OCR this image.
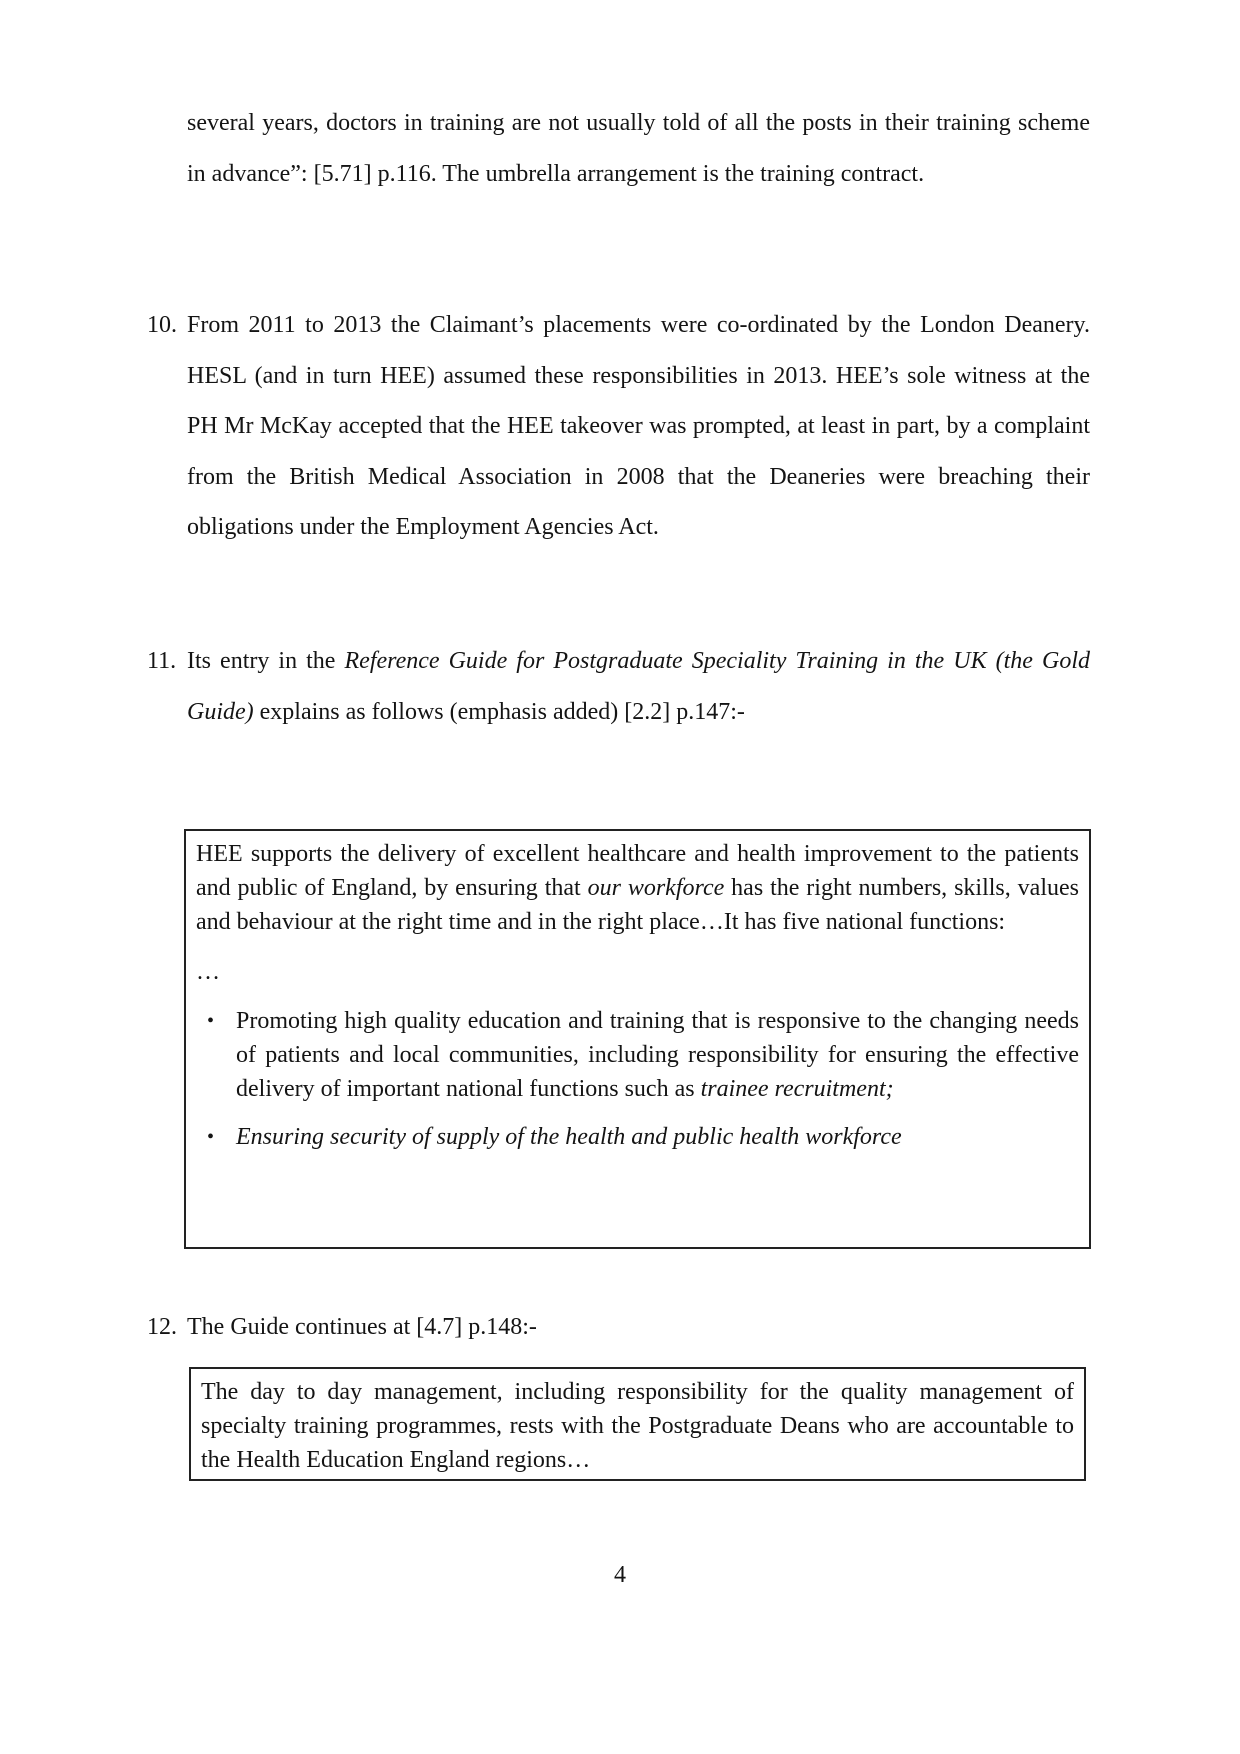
several years, doctors in training are not usually told of all the posts in their training scheme in advance”: [5.71] p.116. The umbrella arrangement is the training contract.

10. From 2011 to 2013 the Claimant’s placements were co-ordinated by the London Deanery. HESL (and in turn HEE) assumed these responsibilities in 2013. HEE’s sole witness at the PH Mr McKay accepted that the HEE takeover was prompted, at least in part, by a complaint from the British Medical Association in 2008 that the Deaneries were breaching their obligations under the Employment Agencies Act.

11. Its entry in the Reference Guide for Postgraduate Speciality Training in the UK (the Gold Guide) explains as follows (emphasis added) [2.2] p.147:-

HEE supports the delivery of excellent healthcare and health improvement to the patients and public of England, by ensuring that our workforce has the right numbers, skills, values and behaviour at the right time and in the right place…It has five national functions:

…

• Promoting high quality education and training that is responsive to the changing needs of patients and local communities, including responsibility for ensuring the effective delivery of important national functions such as trainee recruitment;
• Ensuring security of supply of the health and public health workforce
12. The Guide continues at [4.7] p.148:-

The day to day management, including responsibility for the quality management of specialty training programmes, rests with the Postgraduate Deans who are accountable to the Health Education England regions…

4
